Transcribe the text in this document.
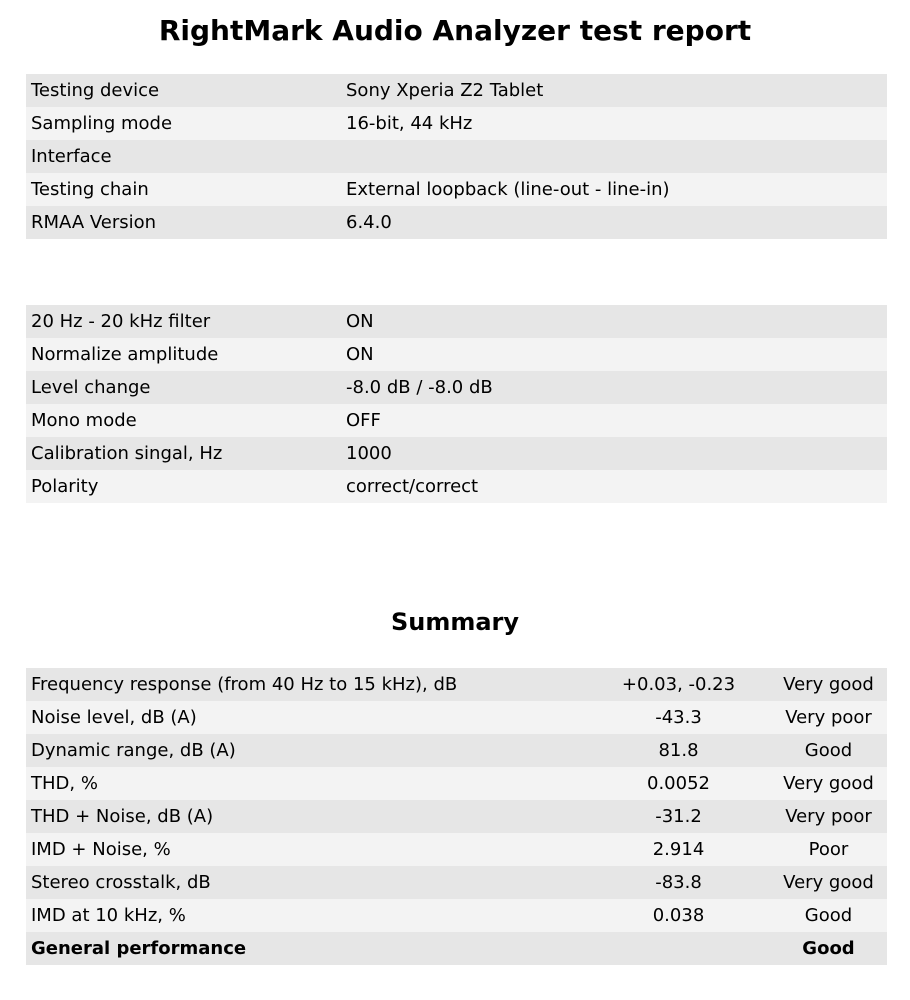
RightMark Audio Analyzer test report
Testing device	Sony Xperia Z2 Tablet
Sampling mode	16-bit, 44 kHz
Interface	
Testing chain	External loopback (line-out - line-in)
RMAA Version	6.4.0
20 Hz - 20 kHz filter	ON
Normalize amplitude	ON
Level change	-8.0 dB / -8.0 dB
Mono mode	OFF
Calibration singal, Hz	1000
Polarity	correct/correct
Summary
Frequency response (from 40 Hz to 15 kHz), dB	+0.03, -0.23	Very good
Noise level, dB (A)	-43.3	Very poor
Dynamic range, dB (A)	81.8	Good
THD, %	0.0052	Very good
THD + Noise, dB (A)	-31.2	Very poor
IMD + Noise, %	2.914	Poor
Stereo crosstalk, dB	-83.8	Very good
IMD at 10 kHz, %	0.038	Good
General performance		Good
